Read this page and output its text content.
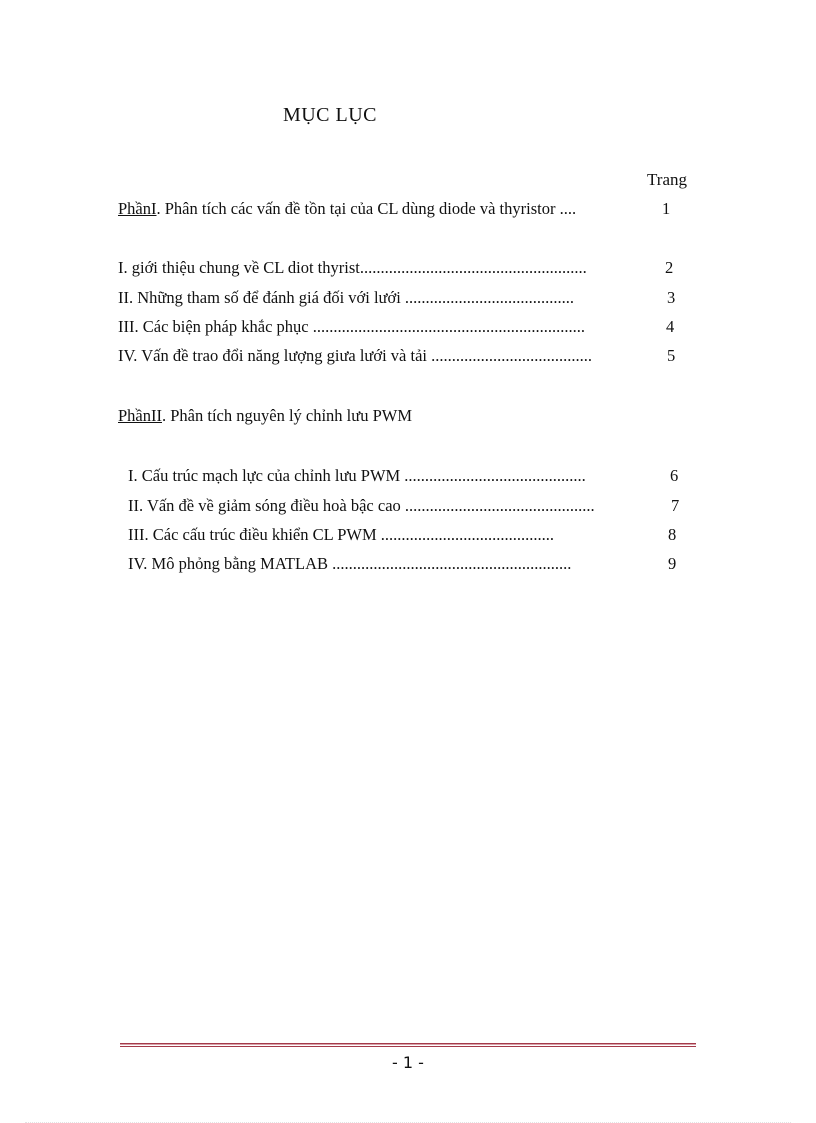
MỤC LỤC
Trang
PhầnI. Phân tích các vấn đề tồn tại của CL dùng diode và thyristor ....	1
I. giới thiệu chung về CL diot thyrist.......................................................	2
II. Những tham số để đánh giá đối với lưới .........................................	3
III. Các biện pháp khắc phục ..................................................................	4
IV. Vấn đề trao đổi năng lượng giưa lưới và tải .......................................	5
PhầnII. Phân tích nguyên lý chỉnh lưu PWM
I. Cấu trúc mạch lực của chỉnh lưu PWM ............................................	6
II. Vấn đề về giảm sóng điều hoà bậc cao ..............................................	7
III. Các cấu trúc điều khiển CL PWM ..........................................	8
IV. Mô phỏng bằng MATLAB ..........................................................	9
- 1 -
